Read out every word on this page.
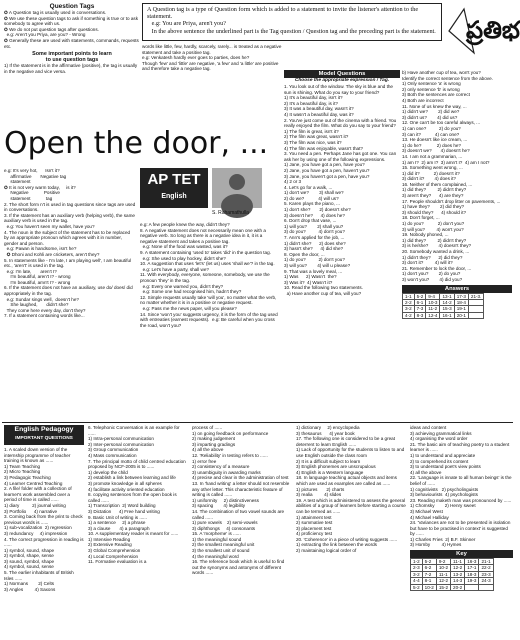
Question Tags
✪ A Question tag is usually used in conversations.
✪ We use these question tags to ask if something is true or to ask somebody to agree with us.
✪ We do not put question tags after questions.
e.g: Aren't you Priya, are you? - Wrong
✪ Generally these are used with statements, commands, requests etc.
Some important points to learn
to use question tags
1) If the statement is in the affirmative (positive), the tag is usually in the negative and vice versa.
A Question tag is a type of Question form which is added to a statement to invite the listener's attention to the statement.
e.g: You are Priya, aren't you?
In the above sentence the underlined part is the Tag question / Question tag and the preceding part is the statement. ప్రతిభ
words like little, few, hardly, scarcely, rarely... is treated as a negative statement and take a positive tag.
e.g: Venkatesh hardly ever goes to parties, does he?
Though 'few' and 'little' are negative, 'a few' and 'a little' are positive and therefore take a negative tag.
Open the door, ...
e.g: It's very hot,      Isn't it?
affirmative       Negative tag
statement
✪ It is not very warm today,     is it?
Negative            Positive
statement            tag
2. The short form n't is used in tag questions since tags are used in conversations.
3. If the statement has an auxiliary verb (helping verb), the same auxiliary verb is used in the tag.
e.g: You haven't seen my wallet, have you?
4. The noun in the subject of the statement has to be replaced by an appropriate pronoun which agrees with it in number, gender and person.
e.g: Pawan is handsome, isn't he?
✪ Dhoni and Kohli are cricketers, aren't they?
5. In statements like - I'm late, I am playing well', I am beautiful etc., 'aren't' is used in the tag.
e.g: I'm late,       aren't I?
I'm beautiful, aren't I? - wrong
I'm beautiful, amn't I? - wrong
6. If the statement does not have an auxiliary, use do/ does/ did appropriately in the tag.
e.g: Sundar sings well,  doesn't he?
She laughed,       didn't she?
They come here every day, don't they?
7. If a statement containing words like...
AP TET
English
S. Rahamathulla
e.g: A few people knew the way, didn't they?
8. A negative statement does not necessarily mean one with a negative verb. So long as there is a negative idea in it, it is a negative statement and takes a positive tag.
e.g: None of the food was wasted, was it?
9. A statement containing 'used to' takes 'did' in the question tag.
e.g: She used to play hockey, didn't she?
10. A suggestion that uses 'let's' (let us) uses 'shall we'? in the tag.
e.g: Let's have a party, shall we?
11. With everybody, everyone, someone, somebody, we use the pronoun 'they' in the tag.
e.g: Every one warned you, didn't they?
e.g: Some one had recognised him, hadn't they?
12. Simple requests usually take 'will you', no matter what the verb, no matter whether it is in a positive or negative request.
e.g: Pass me the news paper, will you please?
14. Since 'won't you' suggests urgency, it is the form of the tag used with entreaties (earnest requests).  e.g: Be careful when you cross the road, won't you?
Model Questions
Choose the appropriate expression / Tag.
1. You look out of the window. The sky is blue and the sun is shining. What do you say to your friend?
1) It's a beautiful day, isn't it?
2) It's a beautiful day, is it?
3) It was a beautiful day, wasn't it?
4) It wasn't a beautiful day, was it?
2. You've just come out of the cinema with a friend. You really enjoyed the film. What do you say to your friend?
1) The film is great, isn't it?
2) The film was great, wasn't it?
3) The film was nice, was it?
4) The film was enjoyable, wasn't that?
3. You need a pen. Perhaps Jane has got one. You can ask her by using one of the following expressions.
1) Jane, you have got a pen, have you?
2) Jane, you have got a pen, haven't you?
3) Jane, you haven't got a pen, have you?
4) 2 or 3
4. Let's go for a walk, ...
1) don't we?        3) shall we?
2) do we?           4) will us?
5. Karen plays the piano, ...
1) don't she?       2) doesn't she?
3) doesn't he?      4) does he?
6. Don't drop that vase, ...
1) will you?        2) shall you?
3) do you?          4) don't you?
7. Ann's applied for the job, ...
1) didn't she?      2) does she?
3) hasn't she?      4) did she?
8. Open the door, ...
1) do you?          2) don't you?
3) will you?        4) will u please?
9. That was a lovely meal, ...
1) Was      2) Wasn't  the?
3) Was it?  4) Wasn't it?
10. Read the following two statements.
a) Have another cup of tea, will you?
b) Have another cup of tea, won't you?
Identify the correct sentence from the above.
1) Only sentence 'a' is wrong
2) only sentence 'b' is wrong
3) Both the sentences are correct
4) Both are incorrect
11. None of us knew the way, ...
1) didn't we?        2) did we?
3) didn't us?        4) did us?
12. One can't be too careful always, ...
1) can one?          2) do you?
3) can it?           4) can one?
13. He doesn't like ice cream, ...
1) do he?            2) does he?
3) doesn't we?       4) doesn't he?
14. I am not a grammarian, ...
1) am I?  2) am I?  3) amn't I?  4) am I not?
15. Something went wrong, ...
1) did it?           2) doesn't it?
3) didn't it?        4) does it?
16. Neither of them complained, ...
1) did they?         2) didn't they?
3) aren't they?      4) are they?
17. People shouldn't drop litter on pavements, ...
1) have they?        2) did they?
3) should they?      4) should it?
18. Don't forget, ...
1) do you?           2) don't you?
3) will you?         4) won't you?
19. Nobody phoned, ...
1) did they?         2) didn't they?
3) is he/she?        4) doesn't they?
20. Somebody wanted a drink, ...
1) didn't they?      2) did they?
3) don't it?         4) will it?
21. Remember to lock the door, ...
1) don't you?        2) do you?
3) won't you?        4) did you?
Answers
1-1	5-2	9-4	13-1	17-3	21-3.
2-2	6-1	10-3	14-2	18-4	
3-2	7-3	11-2	15-3	19-1	
4-2	8-3	12-4	16-1	20-1	
English Pedagogy
IMPORTANT QUESTIONS
1. A scaled down version of the internship programme of teacher training is known as ......
1) Team Teaching
2) Micro Teaching
3) Pedagogic Teaching
4) Learner Centred Teaching
2. A file/ folder with a collection of learner's work assembled over a period of time is called ......
1) diary          2) journal writing
3) Portfolio      4) narrative
3. Coming back from the print to check previous words is ......
1) sub-vocalization  2) regression
3) redundancy     4) impression
4. The correct progression in reading is ......
1) symbol, sound, shape
2) symbol, shape, sense
3) sound, symbol, shape
4) symbol, sound, sense
5. The earlier inhabitants of British Isles ......
1) Normans        2) Celts
3) Angles         4) Saxons
6. Telephonic Conversation is an example for ......
1) Intra-personal communication
2) Inter-personal communication
3) Group communication
4) Mass communication
7. The principal motto of child centred education proposed by NCF-2005 is to ......
1) develop the child
2) establish a link between learning and life
3) promote knowledge in all spheres
4) facilitate activity oriented education
8. copying sentences from the open book is called ......
1) Transcription  2) Word building
3) Dictation      4) Free hand writing
9. Basic Unit of writing is ......
1) a sentence     2) a phrase
3) a clause       4) a paragraph
10. A supplementary reader is meant for ......
1) Intensive Reading
2) Extensive Reading
3) Global Comprehension
4) Local Comprehension
11. Formative evaluation is a
process of ......
1) on going feedback on performance
2) making judgement
3) imparting gradings
4) all the above
12. 'Reliability' in testing refers to ......
1) error free
2) consistency of a measure
3) unambiguity in awarding marks
4) precise and clear in the administration of test
13. In 'hand writing' a letter should not resemble any other letter. This characteristic feature of writing is called ......
1) uniformity     2) distinctiveness
3) spacing        4) legibility
14. The combination of two vowel sounds are called ......
1) pure vowels    2) semi-vowels
3) diphthongs     4) consonants
15. A 'morpheme' is ......
1) the meaningful sound
2) the smallest meaningful unit
3) the smallest unit of sound
4) the meaningful word
16. The reference book which is useful to find out the synonyms and antonyms of different words ......
1) dictionary     2) encyclopedia
3) thesaurus      4) year book
17. The following one is considered to be a great deterrent to learn English ......
1) Lack of opportunity for the students to listen to and use English outside the class room
2) It is a difficult subject to learn
3) English phonemes are unscrupulous
4) English is a Western language
18. In language teaching actual objects and items which are used as examples are called as ......
1) pictures       2) charts
3) realia         4) slides
19. A test which is administered to assess the general abilities of a group of learners before starting a course can be termed as ......
1) attainment test
2) summative test
3) placement test
4) proficiency test
20. 'Coherence' in a piece of writing suggests ......
1) extracting the link between the words
2) maintaining logical order of
ideas and content
3) achieving grammatical links
4) organising the word order
21. The basic aim of teaching poetry to a student learner is ......
1) to understand and appreciate
2) to comprehend its content
3) to understand poet's view points
4) all the above
22. 'Language is innate to all human beings' is the belief of ......
1) cognitivists   2) psycholinguists
3) behaviourists  4) psychologists
23. Reading maketh man was pronounced by ......
1) Chomsky        2) Henry sweet
3) Michael West
4) Michael Halliday
24. 'Variances are not to be presented in isolation but have to be practised in context' is suggested by ......
1) Charles Fries  2) B.F. Skinner
3) Hornby         4) Hymes
Key
1-2	5-2	9-2	11-1	16-3	21-1
2-3	6-2	10-2	12-2	17-1	22-2
3-2	7-2	11-1	13-2	18-3	23-3
4-4	8-1	12-2	14-3	19-3	24-3
5-2	10-2	15-2	20-2		
